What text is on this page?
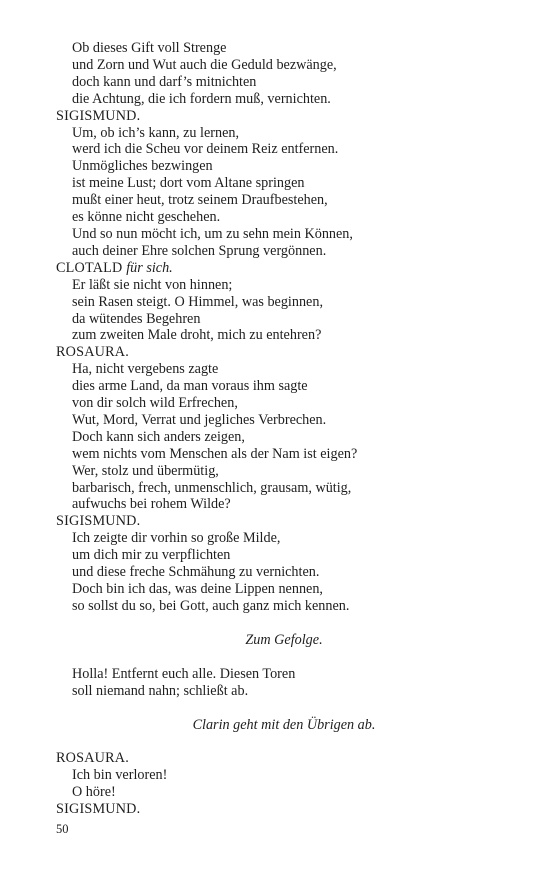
Ob dieses Gift voll Strenge
und Zorn und Wut auch die Geduld bezwänge,
doch kann und darf’s mitnichten
die Achtung, die ich fordern muß, vernichten.
SIGISMUND.
Um, ob ich’s kann, zu lernen,
werd ich die Scheu vor deinem Reiz entfernen.
Unmögliches bezwingen
ist meine Lust; dort vom Altane springen
mußt einer heut, trotz seinem Draufbestehen,
es könne nicht geschehen.
Und so nun möcht ich, um zu sehn mein Können,
auch deiner Ehre solchen Sprung vergönnen.
CLOTALD für sich.
Er läßt sie nicht von hinnen;
sein Rasen steigt. O Himmel, was beginnen,
da wütendes Begehren
zum zweiten Male droht, mich zu entehren?
ROSAURA.
Ha, nicht vergebens zagte
dies arme Land, da man voraus ihm sagte
von dir solch wild Erfrechen,
Wut, Mord, Verrat und jegliches Verbrechen.
Doch kann sich anders zeigen,
wem nichts vom Menschen als der Nam ist eigen?
Wer, stolz und übermütig,
barbarisch, frech, unmenschlich, grausam, wütig,
aufwuchs bei rohem Wilde?
SIGISMUND.
Ich zeigte dir vorhin so große Milde,
um dich mir zu verpflichten
und diese freche Schmähung zu vernichten.
Doch bin ich das, was deine Lippen nennen,
so sollst du so, bei Gott, auch ganz mich kennen.
Zum Gefolge.
Holla! Entfernt euch alle. Diesen Toren
soll niemand nahn; schließt ab.
Clarin geht mit den Übrigen ab.
ROSAURA.
Ich bin verloren!
O höre!
SIGISMUND.
50
